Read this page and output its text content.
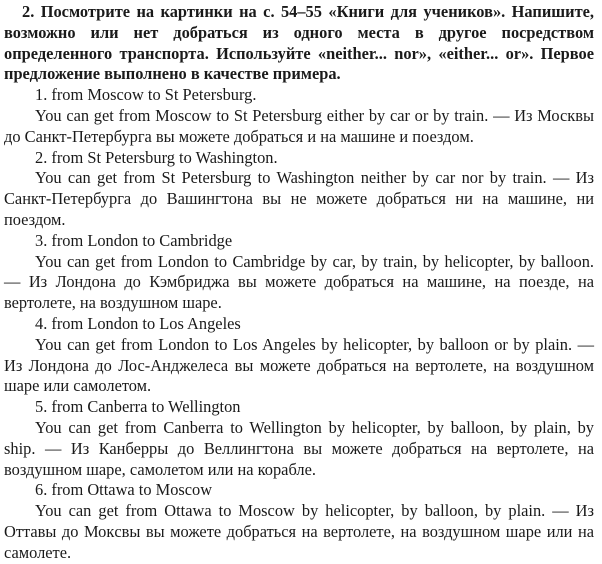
2. Посмотрите на картинки на с. 54–55 «Книги для учеников». Напишите, возможно или нет добраться из одного места в другое посредством определенного транспорта. Используйте «neither... nor», «either... or». Первое предложение выполнено в качестве примера.

1. from Moscow to St Petersburg.

You can get from Moscow to St Petersburg either by car or by train. — Из Москвы до Санкт-Петербурга вы можете добраться и на машине и поездом.

2. from St Petersburg to Washington.

You can get from St Petersburg to Washington neither by car nor by train. — Из Санкт-Петербурга до Вашингтона вы не можете добраться ни на машине, ни поездом.

3. from London to Cambridge

You can get from London to Cambridge by car, by train, by helicopter, by balloon. — Из Лондона до Кэмбриджа вы можете добраться на машине, на поезде, на вертолете, на воздушном шаре.

4. from London to Los Angeles

You can get from London to Los Angeles by helicopter, by balloon or by plain. — Из Лондона до Лос-Анджелеса вы можете добраться на вертолете, на воздушном шаре или самолетом.

5. from Canberra to Wellington

You can get from Canberra to Wellington by helicopter, by balloon, by plain, by ship. — Из Канберры до Веллингтона вы можете добраться на вертолете, на воздушном шаре, самолетом или на корабле.

6. from Ottawa to Moscow

You can get from Ottawa to Moscow by helicopter, by balloon, by plain. — Из Оттавы до Мокcвы вы можете добраться на вертолете, на воздушном шаре или на самолете.
